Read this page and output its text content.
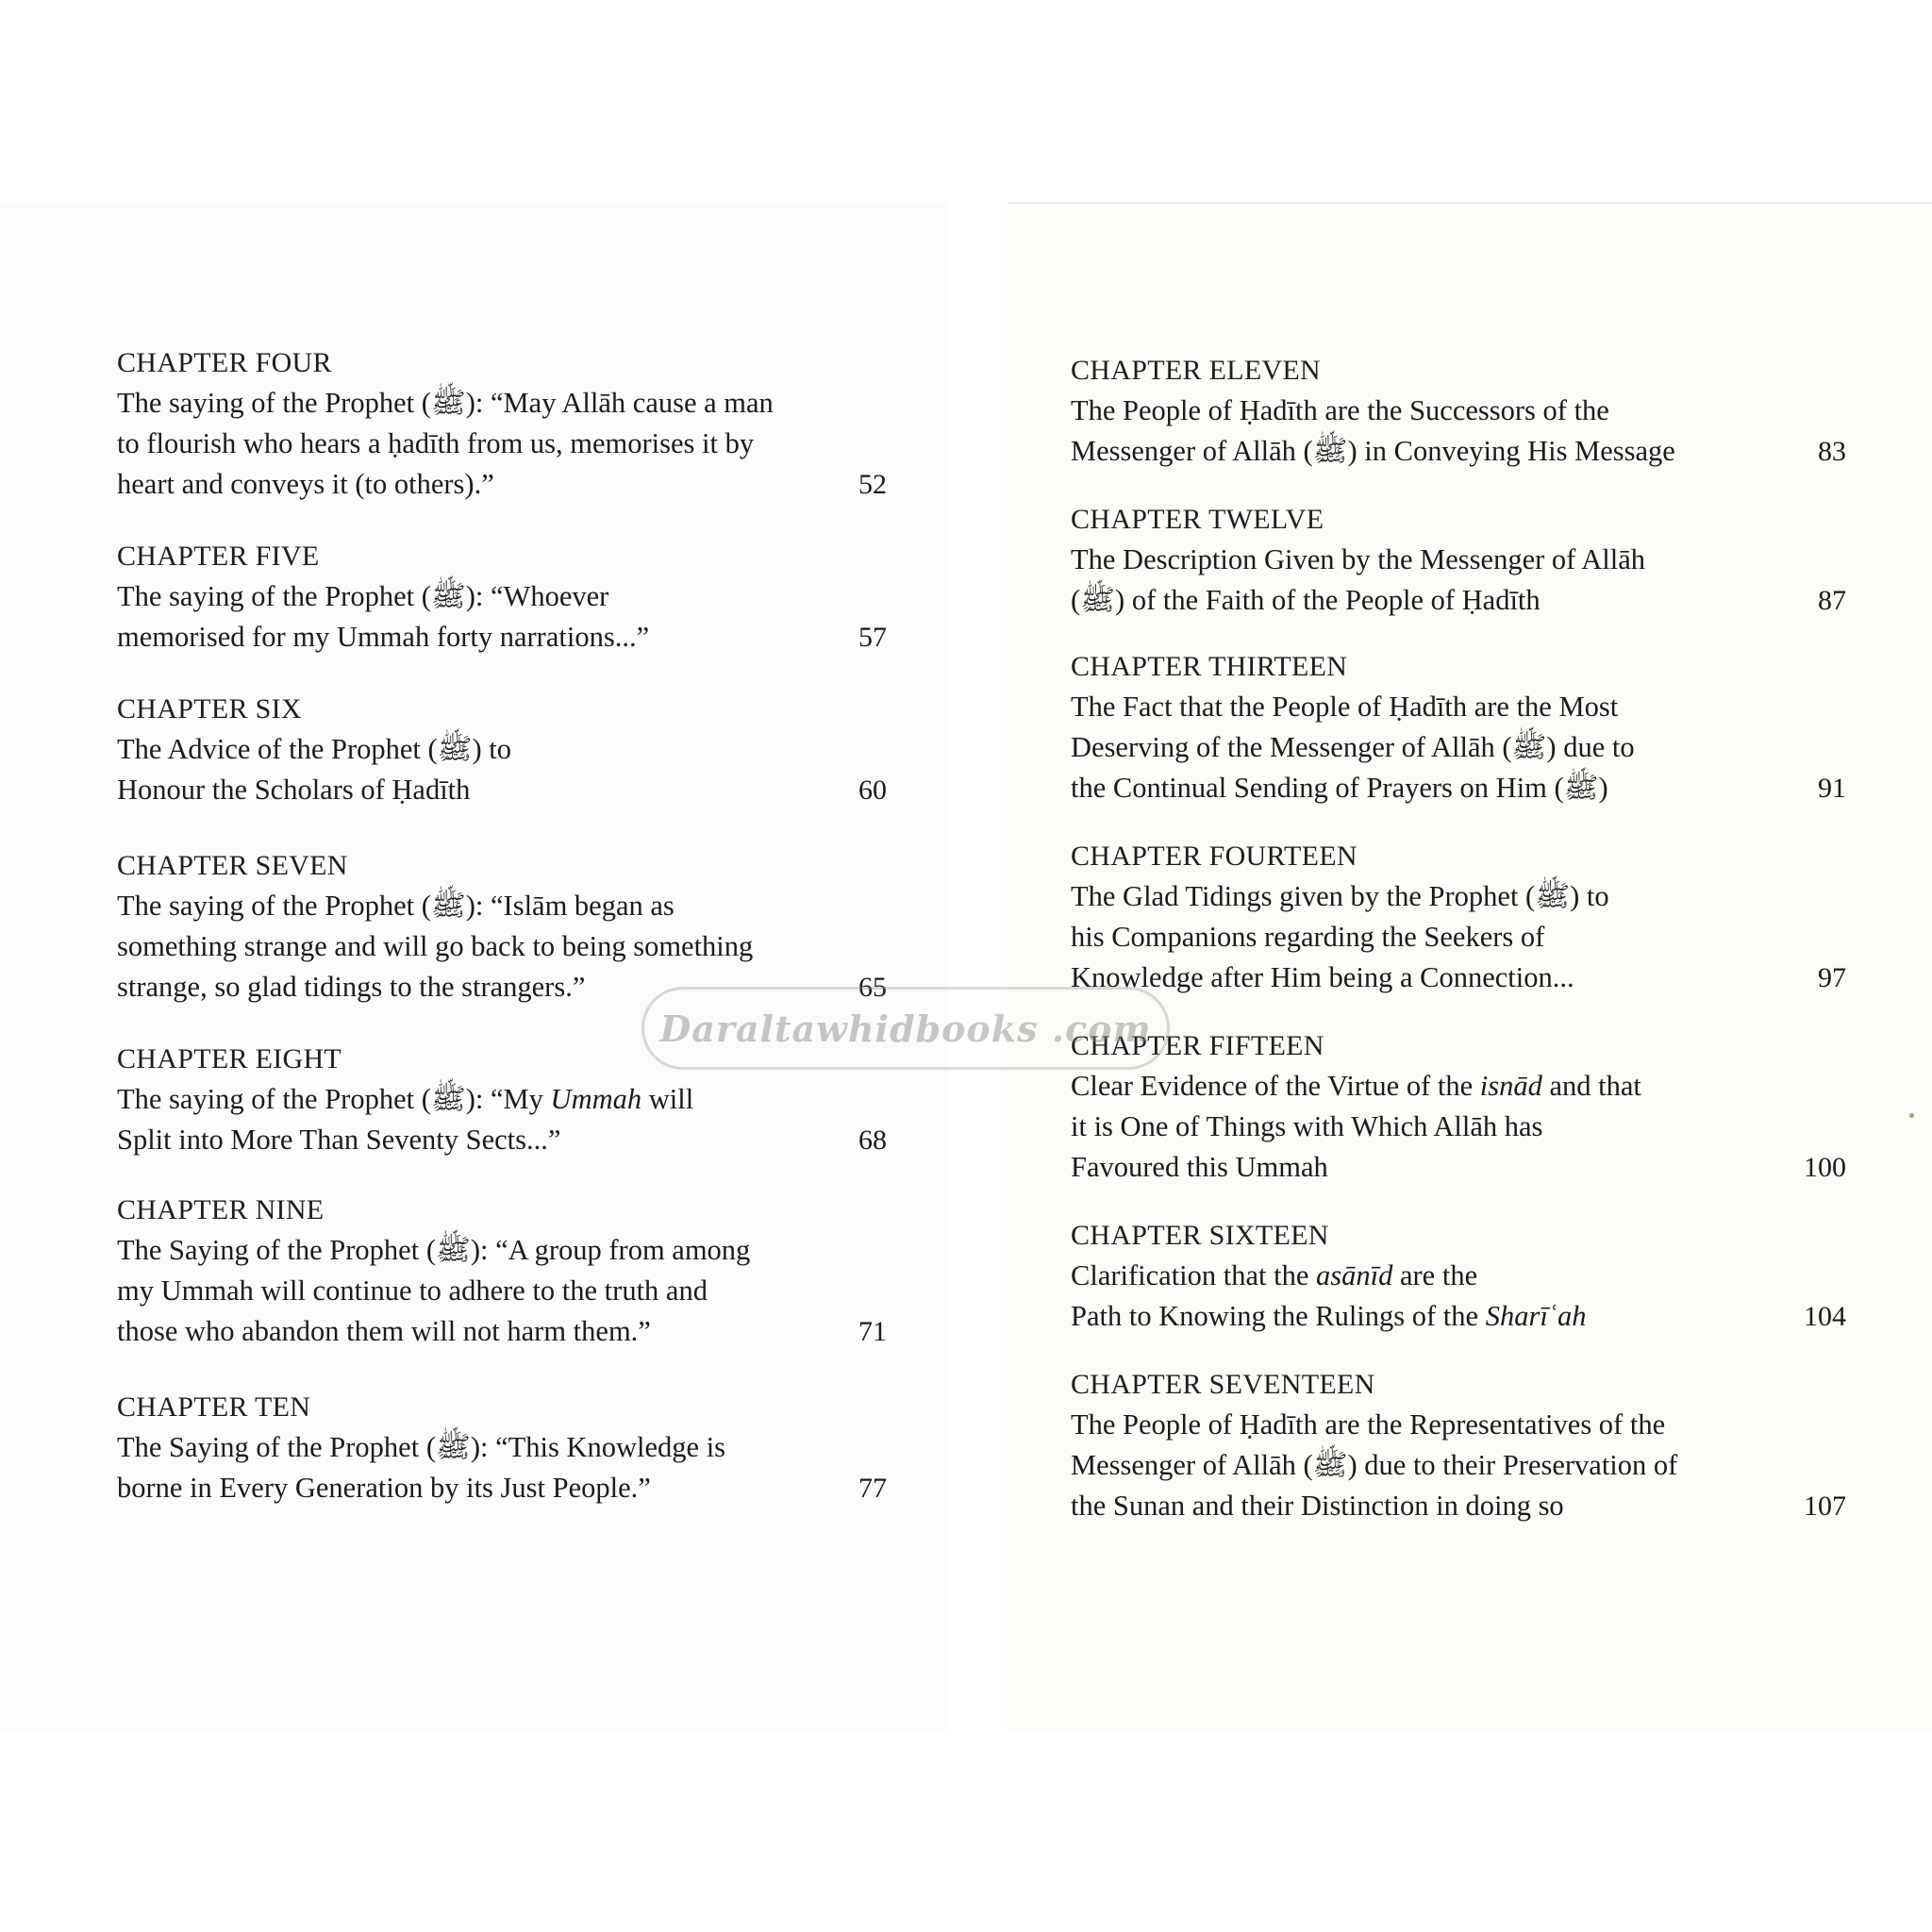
CHAPTER FOUR
The saying of the Prophet (ﷺ): “May Allāh cause a man
to flourish who hears a ḥadīth from us, memorises it by
heart and conveys it (to others).”	52
CHAPTER FIVE
The saying of the Prophet (ﷺ): “Whoever
memorised for my Ummah forty narrations...”	57
CHAPTER SIX
The Advice of the Prophet (ﷺ) to
Honour the Scholars of Ḥadīth	60
CHAPTER SEVEN
The saying of the Prophet (ﷺ): “Islām began as
something strange and will go back to being something
strange, so glad tidings to the strangers.”	65
CHAPTER EIGHT
The saying of the Prophet (ﷺ): “My Ummah will
Split into More Than Seventy Sects...”	68
CHAPTER NINE
The Saying of the Prophet (ﷺ): “A group from among
my Ummah will continue to adhere to the truth and
those who abandon them will not harm them.”	71
CHAPTER TEN
The Saying of the Prophet (ﷺ): “This Knowledge is
borne in Every Generation by its Just People.”	77
CHAPTER ELEVEN
The People of Ḥadīth are the Successors of the
Messenger of Allāh (ﷺ) in Conveying His Message	83
CHAPTER TWELVE
The Description Given by the Messenger of Allāh
(ﷺ) of the Faith of the People of Ḥadīth	87
CHAPTER THIRTEEN
The Fact that the People of Ḥadīth are the Most
Deserving of the Messenger of Allāh (ﷺ) due to
the Continual Sending of Prayers on Him (ﷺ)	91
CHAPTER FOURTEEN
The Glad Tidings given by the Prophet (ﷺ) to
his Companions regarding the Seekers of
Knowledge after Him being a Connection...	97
CHAPTER FIFTEEN
Clear Evidence of the Virtue of the isnād and that
it is One of Things with Which Allāh has
Favoured this Ummah	100
CHAPTER SIXTEEN
Clarification that the asānīd are the
Path to Knowing the Rulings of the Sharīʿah	104
CHAPTER SEVENTEEN
The People of Ḥadīth are the Representatives of the
Messenger of Allāh (ﷺ) due to their Preservation of
the Sunan and their Distinction in doing so	107
Daraltawhidbooks .com
